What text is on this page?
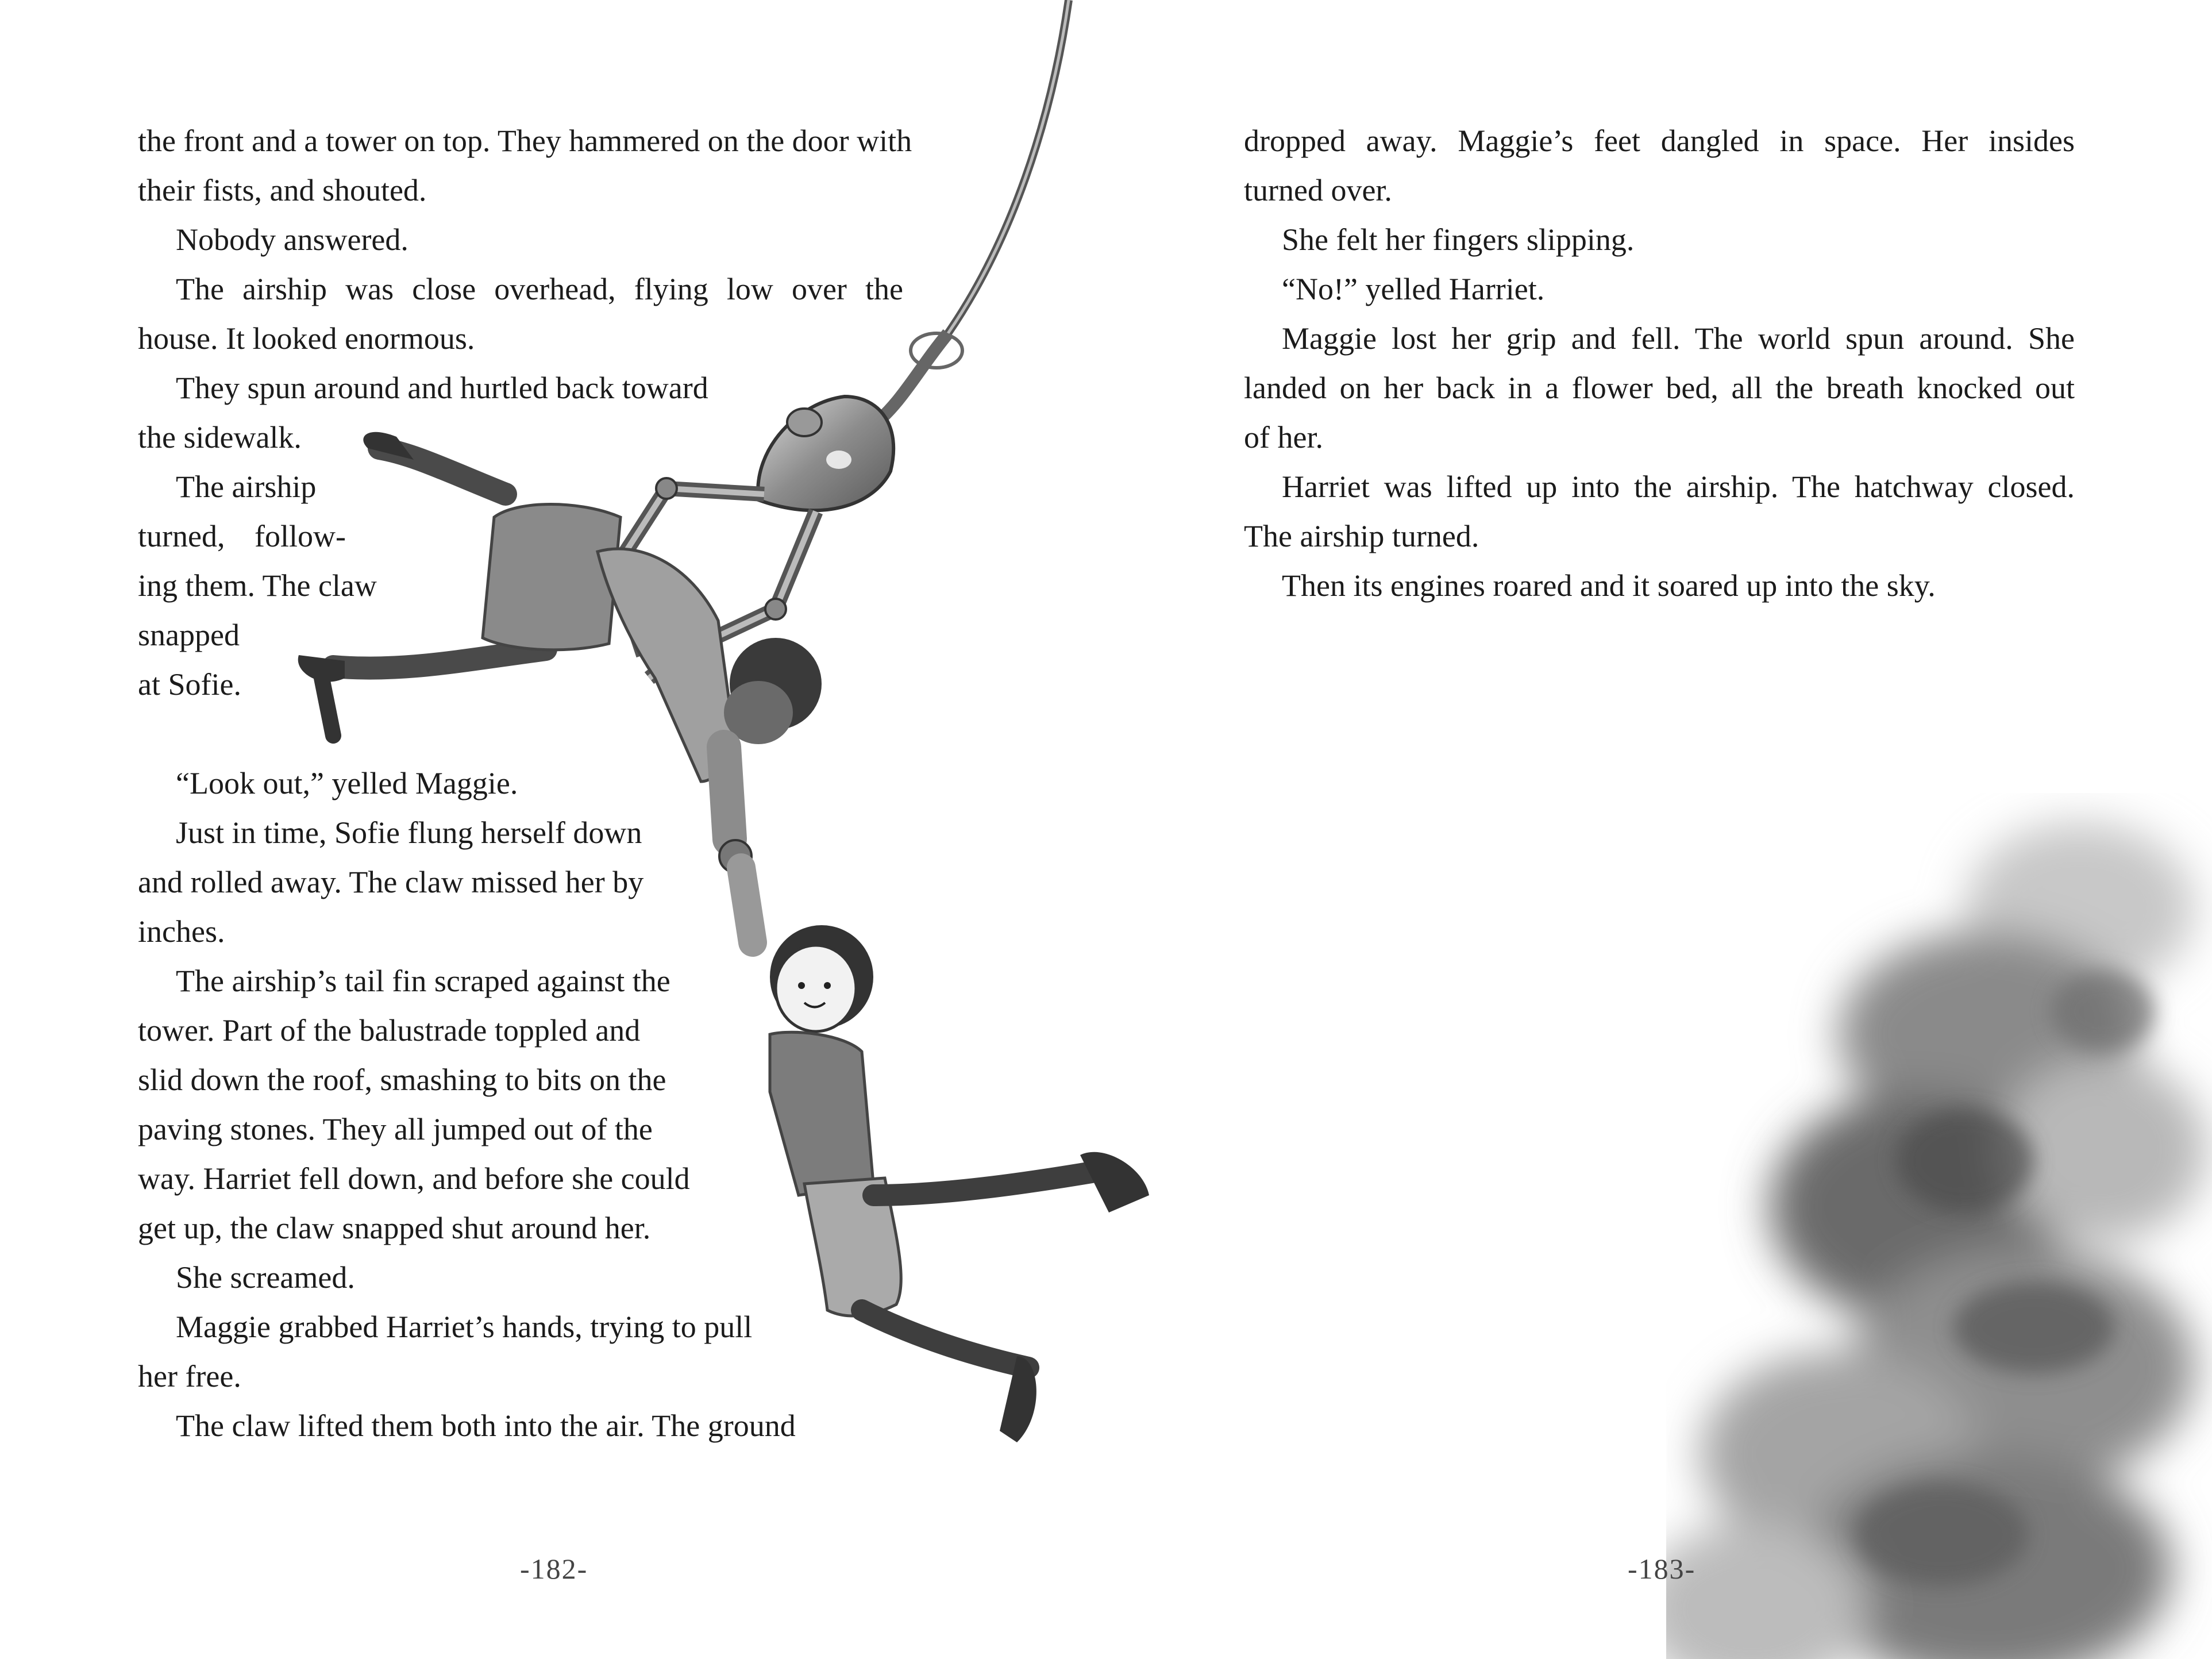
the front and a tower on top. They hammered on the door with
their fists, and shouted.
Nobody answered.
The airship was close overhead, flying low over the
house. It looked enormous.
They spun around and hurtled back toward
the sidewalk.
The airship
turned, follow-
ing them. The claw
snapped
at Sofie.
“Look out,” yelled Maggie.
Just in time, Sofie flung herself down
and rolled away. The claw missed her by
inches.
The airship’s tail fin scraped against the
tower. Part of the balustrade toppled and
slid down the roof, smashing to bits on the
paving stones. They all jumped out of the
way. Harriet fell down, and before she could
get up, the claw snapped shut around her.
She screamed.
Maggie grabbed Harriet’s hands, trying to pull
her free.
The claw lifted them both into the air. The ground
-182-
dropped away. Maggie’s feet dangled in space. Her insides
turned over.
She felt her fingers slipping.
“No!” yelled Harriet.
Maggie lost her grip and fell. The world spun around. She
landed on her back in a flower bed, all the breath knocked out
of her.
Harriet was lifted up into the airship. The hatchway closed.
The airship turned.
Then its engines roared and it soared up into the sky.
-183-
